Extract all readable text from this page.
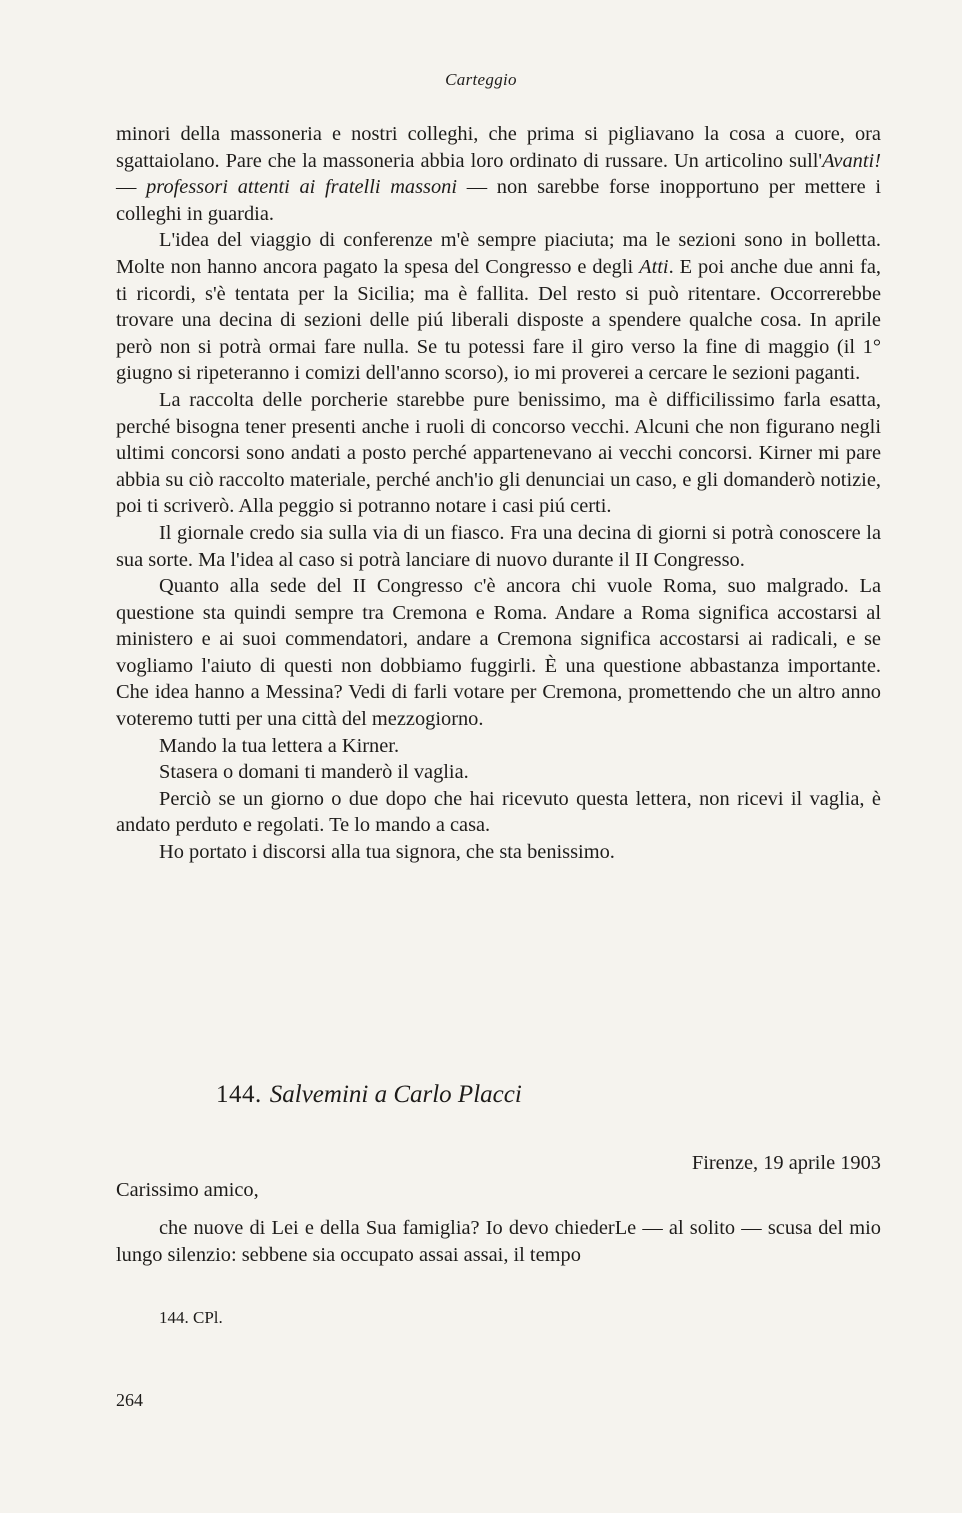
Carteggio

minori della massoneria e nostri colleghi, che prima si pigliavano la cosa a cuore, ora sgattaiolano. Pare che la massoneria abbia loro ordinato di russare. Un articolino sull'Avanti! — professori attenti ai fratelli massoni — non sarebbe forse inopportuno per mettere i colleghi in guardia.

L'idea del viaggio di conferenze m'è sempre piaciuta; ma le sezioni sono in bolletta. Molte non hanno ancora pagato la spesa del Congresso e degli Atti. E poi anche due anni fa, ti ricordi, s'è tentata per la Sicilia; ma è fallita. Del resto si può ritentare. Occorrerebbe trovare una decina di sezioni delle piú liberali disposte a spendere qualche cosa. In aprile però non si potrà ormai fare nulla. Se tu potessi fare il giro verso la fine di maggio (il 1° giugno si ripeteranno i comizi dell'anno scorso), io mi proverei a cercare le sezioni paganti.

La raccolta delle porcherie starebbe pure benissimo, ma è difficilissimo farla esatta, perché bisogna tener presenti anche i ruoli di concorso vecchi. Alcuni che non figurano negli ultimi concorsi sono andati a posto perché appartenevano ai vecchi concorsi. Kirner mi pare abbia su ciò raccolto materiale, perché anch'io gli denunciai un caso, e gli domanderò notizie, poi ti scriverò. Alla peggio si potranno notare i casi piú certi.

Il giornale credo sia sulla via di un fiasco. Fra una decina di giorni si potrà conoscere la sua sorte. Ma l'idea al caso si potrà lanciare di nuovo durante il II Congresso.

Quanto alla sede del II Congresso c'è ancora chi vuole Roma, suo malgrado. La questione sta quindi sempre tra Cremona e Roma. Andare a Roma significa accostarsi al ministero e ai suoi commendatori, andare a Cremona significa accostarsi ai radicali, e se vogliamo l'aiuto di questi non dobbiamo fuggirli. È una questione abbastanza importante. Che idea hanno a Messina? Vedi di farli votare per Cremona, promettendo che un altro anno voteremo tutti per una città del mezzogiorno.

Mando la tua lettera a Kirner.

Stasera o domani ti manderò il vaglia.

Perciò se un giorno o due dopo che hai ricevuto questa lettera, non ricevi il vaglia, è andato perduto e regolati. Te lo mando a casa.

Ho portato i discorsi alla tua signora, che sta benissimo.

144. Salvemini a Carlo Placci
Firenze, 19 aprile 1903
Carissimo amico,

che nuove di Lei e della Sua famiglia? Io devo chiederLe — al solito — scusa del mio lungo silenzio: sebbene sia occupato assai assai, il tempo

144. CPl.
264
